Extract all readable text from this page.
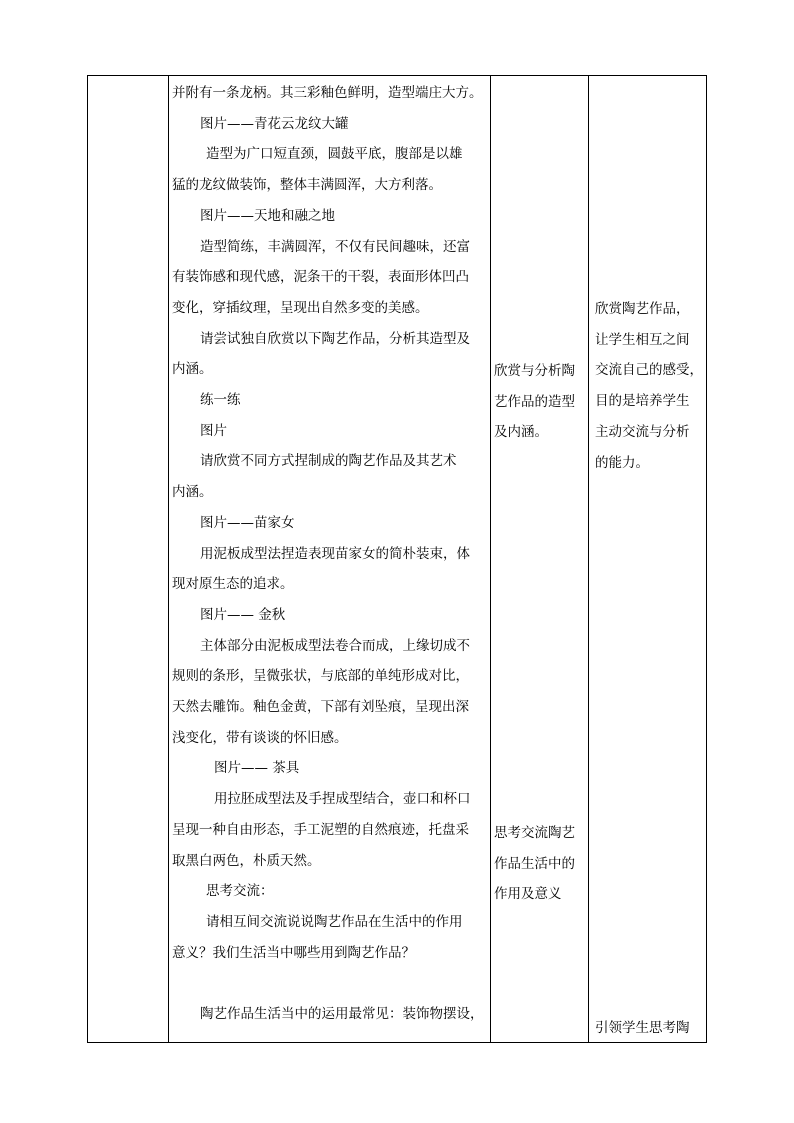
并附有一条龙柄。其三彩釉色鲜明，造型端庄大方。

图片——青花云龙纹大罐

造型为广口短直颈，圆鼓平底，腹部是以雄

猛的龙纹做装饰，整体丰满圆浑，大方利落。

图片——天地和融之地

造型简练，丰满圆浑，不仅有民间趣味，还富

有装饰感和现代感，泥条干的干裂，表面形体凹凸

变化，穿插纹理，呈现出自然多变的美感。

请尝试独自欣赏以下陶艺作品，分析其造型及

内涵。

练一练

图片

请欣赏不同方式捏制成的陶艺作品及其艺术

内涵。

图片——苗家女

用泥板成型法捏造表现苗家女的简朴装束，体

现对原生态的追求。

图片—— 金秋

主体部分由泥板成型法卷合而成，上缘切成不

规则的条形，呈微张状，与底部的单纯形成对比，

天然去雕饰。釉色金黄，下部有刘坠痕，呈现出深

浅变化，带有谈谈的怀旧感。

图片—— 茶具

用拉胚成型法及手捏成型结合，壶口和杯口

呈现一种自由形态，手工泥塑的自然痕迹，托盘采

取黑白两色，朴质天然。

思考交流：

请相互间交流说说陶艺作品在生活中的作用

意义？我们生活当中哪些用到陶艺作品？

陶艺作品生活当中的运用最常见：装饰物摆设，

欣赏与分析陶

艺作品的造型

及内涵。

思考交流陶艺

作品生活中的

作用及意义

欣赏陶艺作品，

让学生相互之间

交流自己的感受，

目的是培养学生

主动交流与分析

的能力。

引领学生思考陶
